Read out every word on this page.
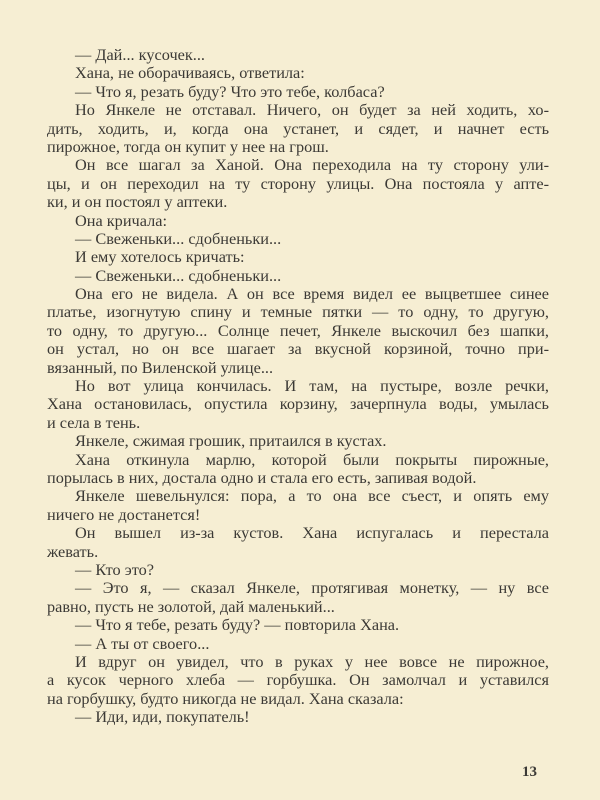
— Дай... кусочек...
Хана, не оборачиваясь, ответила:
— Что я, резать буду? Что это тебе, колбаса?
Но Янкеле не отставал. Ничего, он будет за ней ходить, хо-
дить, ходить, и, когда она устанет, и сядет, и начнет есть
пирожное, тогда он купит у нее на грош.
Он все шагал за Ханой. Она переходила на ту сторону ули-
цы, и он переходил на ту сторону улицы. Она постояла у апте-
ки, и он постоял у аптеки.
Она кричала:
— Свеженьки... сдобненьки...
И ему хотелось кричать:
— Свеженьки... сдобненьки...
Она его не видела. А он все время видел ее выцветшее синее
платье, изогнутую спину и темные пятки — то одну, то другую,
то одну, то другую... Солнце печет, Янкеле выскочил без шапки,
он устал, но он все шагает за вкусной корзиной, точно при-
вязанный, по Виленской улице...
Но вот улица кончилась. И там, на пустыре, возле речки,
Хана остановилась, опустила корзину, зачерпнула воды, умылась
и села в тень.
Янкеле, сжимая грошик, притаился в кустах.
Хана откинула марлю, которой были покрыты пирожные,
порылась в них, достала одно и стала его есть, запивая водой.
Янкеле шевельнулся: пора, а то она все съест, и опять ему
ничего не достанется!
Он вышел из-за кустов. Хана испугалась и перестала
жевать.
— Кто это?
— Это я, — сказал Янкеле, протягивая монетку, — ну все
равно, пусть не золотой, дай маленький...
— Что я тебе, резать буду? — повторила Хана.
— А ты от своего...
И вдруг он увидел, что в руках у нее вовсе не пирожное,
а кусок черного хлеба — горбушка. Он замолчал и уставился
на горбушку, будто никогда не видал. Хана сказала:
— Иди, иди, покупатель!
13
